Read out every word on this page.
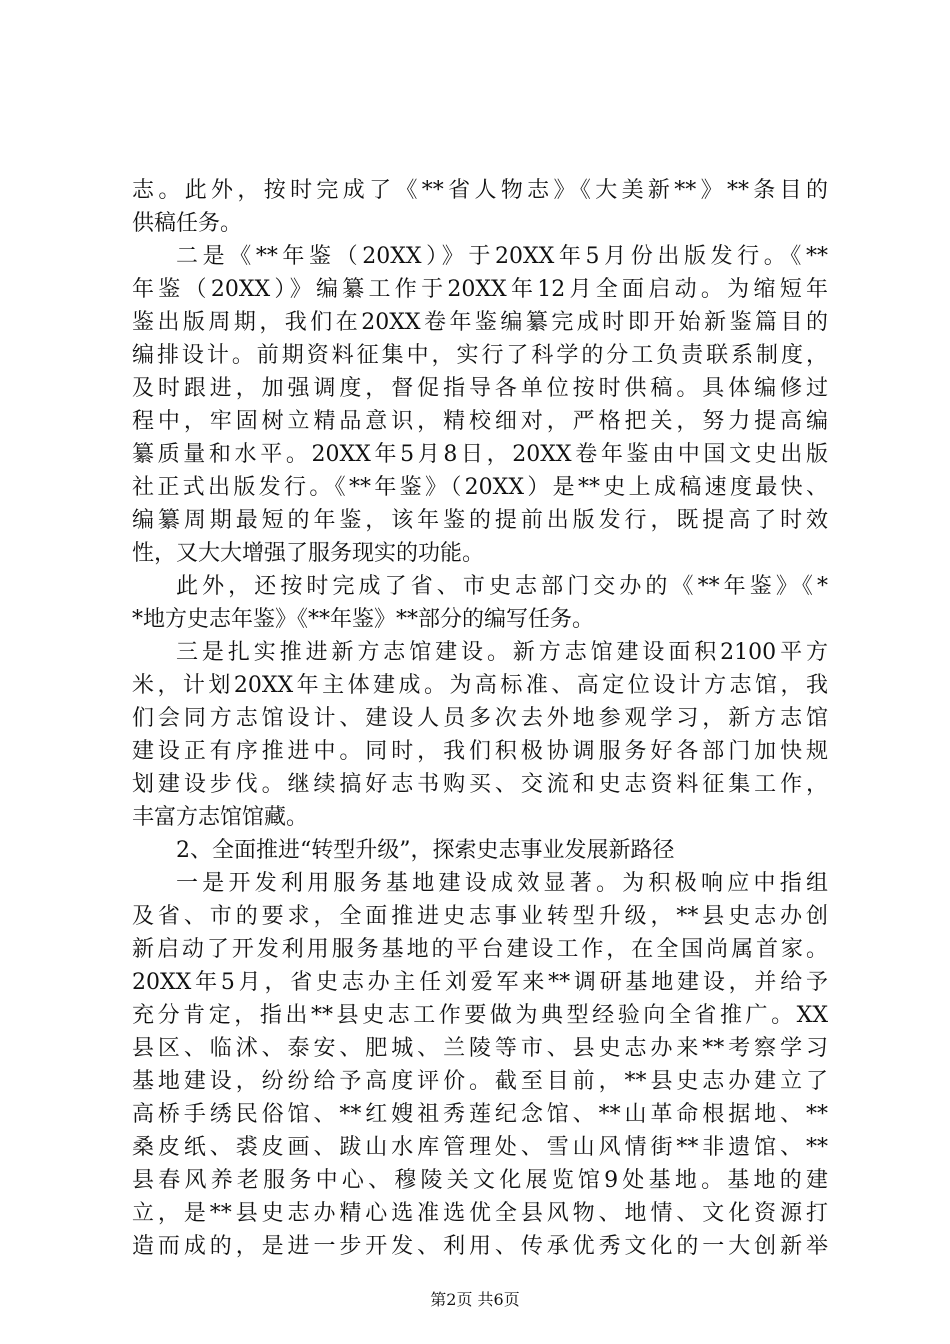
志。此外，按时完成了《**省人物志》《大美新**》**条目的
供稿任务。
二是《**年鉴（20XX）》于20XX年5月份出版发行。《**
年鉴（20XX）》编纂工作于20XX年12月全面启动。为缩短年
鉴出版周期，我们在20XX卷年鉴编纂完成时即开始新鉴篇目的
编排设计。前期资料征集中，实行了科学的分工负责联系制度，
及时跟进，加强调度，督促指导各单位按时供稿。具体编修过
程中，牢固树立精品意识，精校细对，严格把关，努力提高编
纂质量和水平。20XX年5月8日，20XX卷年鉴由中国文史出版
社正式出版发行。《**年鉴》（20XX）是**史上成稿速度最快、
编纂周期最短的年鉴，该年鉴的提前出版发行，既提高了时效
性，又大大增强了服务现实的功能。
此外，还按时完成了省、市史志部门交办的《**年鉴》《*
*地方史志年鉴》《**年鉴》**部分的编写任务。
三是扎实推进新方志馆建设。新方志馆建设面积2100平方
米，计划20XX年主体建成。为高标准、高定位设计方志馆，我
们会同方志馆设计、建设人员多次去外地参观学习，新方志馆
建设正有序推进中。同时，我们积极协调服务好各部门加快规
划建设步伐。继续搞好志书购买、交流和史志资料征集工作，
丰富方志馆馆藏。
2、全面推进“转型升级”，探索史志事业发展新路径
一是开发利用服务基地建设成效显著。为积极响应中指组
及省、市的要求，全面推进史志事业转型升级，**县史志办创
新启动了开发利用服务基地的平台建设工作，在全国尚属首家。
20XX年5月，省史志办主任刘爱军来**调研基地建设，并给予
充分肯定，指出**县史志工作要做为典型经验向全省推广。XX
县区、临沭、泰安、肥城、兰陵等市、县史志办来**考察学习
基地建设，纷纷给予高度评价。截至目前，**县史志办建立了
高桥手绣民俗馆、**红嫂祖秀莲纪念馆、**山革命根据地、**
桑皮纸、裘皮画、跋山水库管理处、雪山风情街**非遗馆、**
县春风养老服务中心、穆陵关文化展览馆9处基地。基地的建
立，是**县史志办精心选准选优全县风物、地情、文化资源打
造而成的，是进一步开发、利用、传承优秀文化的一大创新举
第2页 共6页
